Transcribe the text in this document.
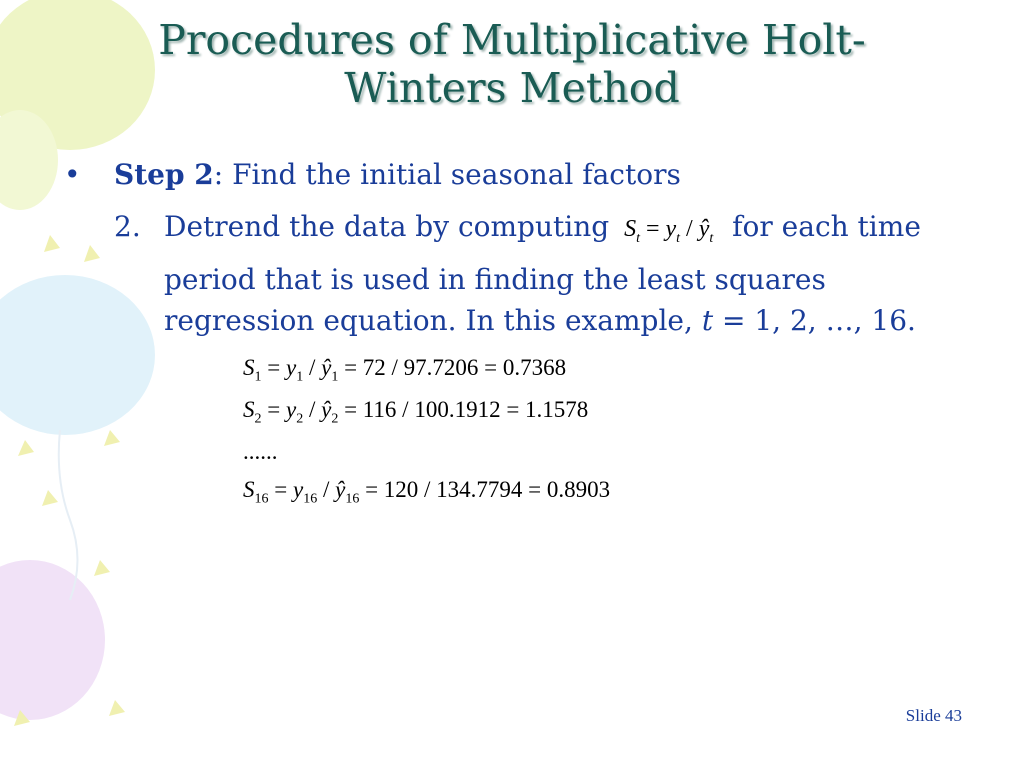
Procedures of Multiplicative Holt-Winters Method
• Step 2: Find the initial seasonal factors
2. Detrend the data by computing $S_t = y_t$ / $ŷ_t$ for each time period that is used in finding the least squares regression equation. In this example, t = 1, 2, …, 16.
$S_1 = y_1$ / $ŷ_1 = 72 / 97.7206 = 0.7368$
$S_2 = y_2$ / $ŷ_2 = 116 / 100.1912 = 1.1578$
......
$S_{16} = y_{16}$ / $ŷ_{16} = 120 / 134.7794 = 0.8903$
Slide 43
